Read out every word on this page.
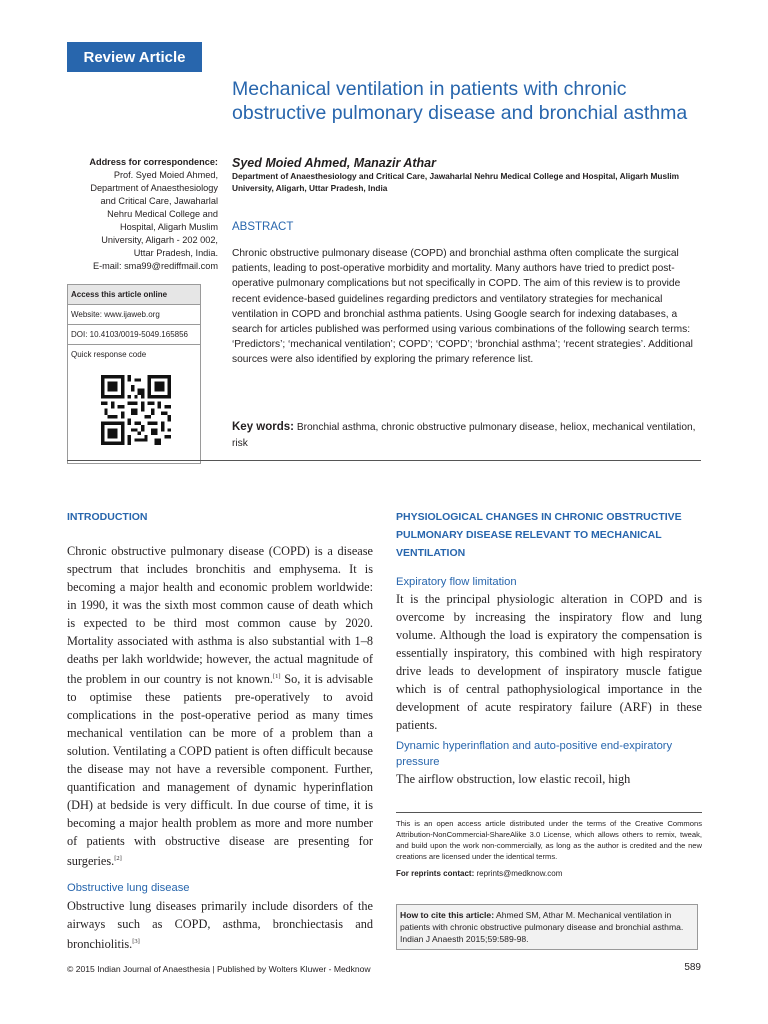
Review Article
Mechanical ventilation in patients with chronic
obstructive pulmonary disease and bronchial asthma
Address for correspondence:
Prof. Syed Moied Ahmed,
Department of Anaesthesiology
and Critical Care, Jawaharlal
Nehru Medical College and
Hospital, Aligarh Muslim
University, Aligarh - 202 002,
Uttar Pradesh, India.
E-mail: sma99@rediffmail.com
Access this article online
Website: www.ijaweb.org
DOI: 10.4103/0019-5049.165856
Quick response code
Syed Moied Ahmed, Manazir Athar
Department of Anaesthesiology and Critical Care, Jawaharlal Nehru Medical College and Hospital, Aligarh Muslim University, Aligarh, Uttar Pradesh, India
ABSTRACT
Chronic obstructive pulmonary disease (COPD) and bronchial asthma often complicate the surgical patients, leading to post-operative morbidity and mortality. Many authors have tried to predict post-operative pulmonary complications but not specifically in COPD. The aim of this review is to provide recent evidence-based guidelines regarding predictors and ventilatory strategies for mechanical ventilation in COPD and bronchial asthma patients. Using Google search for indexing databases, a search for articles published was performed using various combinations of the following search terms: ‘Predictors’; ‘mechanical ventilation’; COPD’; ‘COPD’; ‘bronchial asthma’; ‘recent strategies’. Additional sources were also identified by exploring the primary reference list.
Key words: Bronchial asthma, chronic obstructive pulmonary disease, heliox, mechanical ventilation, risk
INTRODUCTION
Chronic obstructive pulmonary disease (COPD) is a disease spectrum that includes bronchitis and emphysema. It is becoming a major health and economic problem worldwide: in 1990, it was the sixth most common cause of death which is expected to be third most common cause by 2020. Mortality associated with asthma is also substantial with 1–8 deaths per lakh worldwide; however, the actual magnitude of the problem in our country is not known.[1] So, it is advisable to optimise these patients pre-operatively to avoid complications in the post-operative period as many times mechanical ventilation can be more of a problem than a solution. Ventilating a COPD patient is often difficult because the disease may not have a reversible component. Further, quantification and management of dynamic hyperinflation (DH) at bedside is very difficult. In due course of time, it is becoming a major health problem as more and more number of patients with obstructive disease are presenting for surgeries.[2]
Obstructive lung disease
Obstructive lung diseases primarily include disorders of the airways such as COPD, asthma, bronchiectasis and bronchiolitis.[3]
PHYSIOLOGICAL CHANGES IN CHRONIC OBSTRUCTIVE PULMONARY DISEASE RELEVANT TO MECHANICAL VENTILATION
Expiratory flow limitation
It is the principal physiologic alteration in COPD and is overcome by increasing the inspiratory flow and lung volume. Although the load is expiratory the compensation is essentially inspiratory, this combined with high respiratory drive leads to development of inspiratory muscle fatigue which is of central pathophysiological importance in the development of acute respiratory failure (ARF) in these patients.
Dynamic hyperinflation and auto-positive end-expiratory pressure
The airflow obstruction, low elastic recoil, high
This is an open access article distributed under the terms of the Creative Commons Attribution-NonCommercial-ShareAlike 3.0 License, which allows others to remix, tweak, and build upon the work non-commercially, as long as the author is credited and the new creations are licensed under the identical terms.
For reprints contact: reprints@medknow.com
How to cite this article: Ahmed SM, Athar M. Mechanical ventilation in patients with chronic obstructive pulmonary disease and bronchial asthma. Indian J Anaesth 2015;59:589-98.
© 2015 Indian Journal of Anaesthesia | Published by Wolters Kluwer - Medknow	589
